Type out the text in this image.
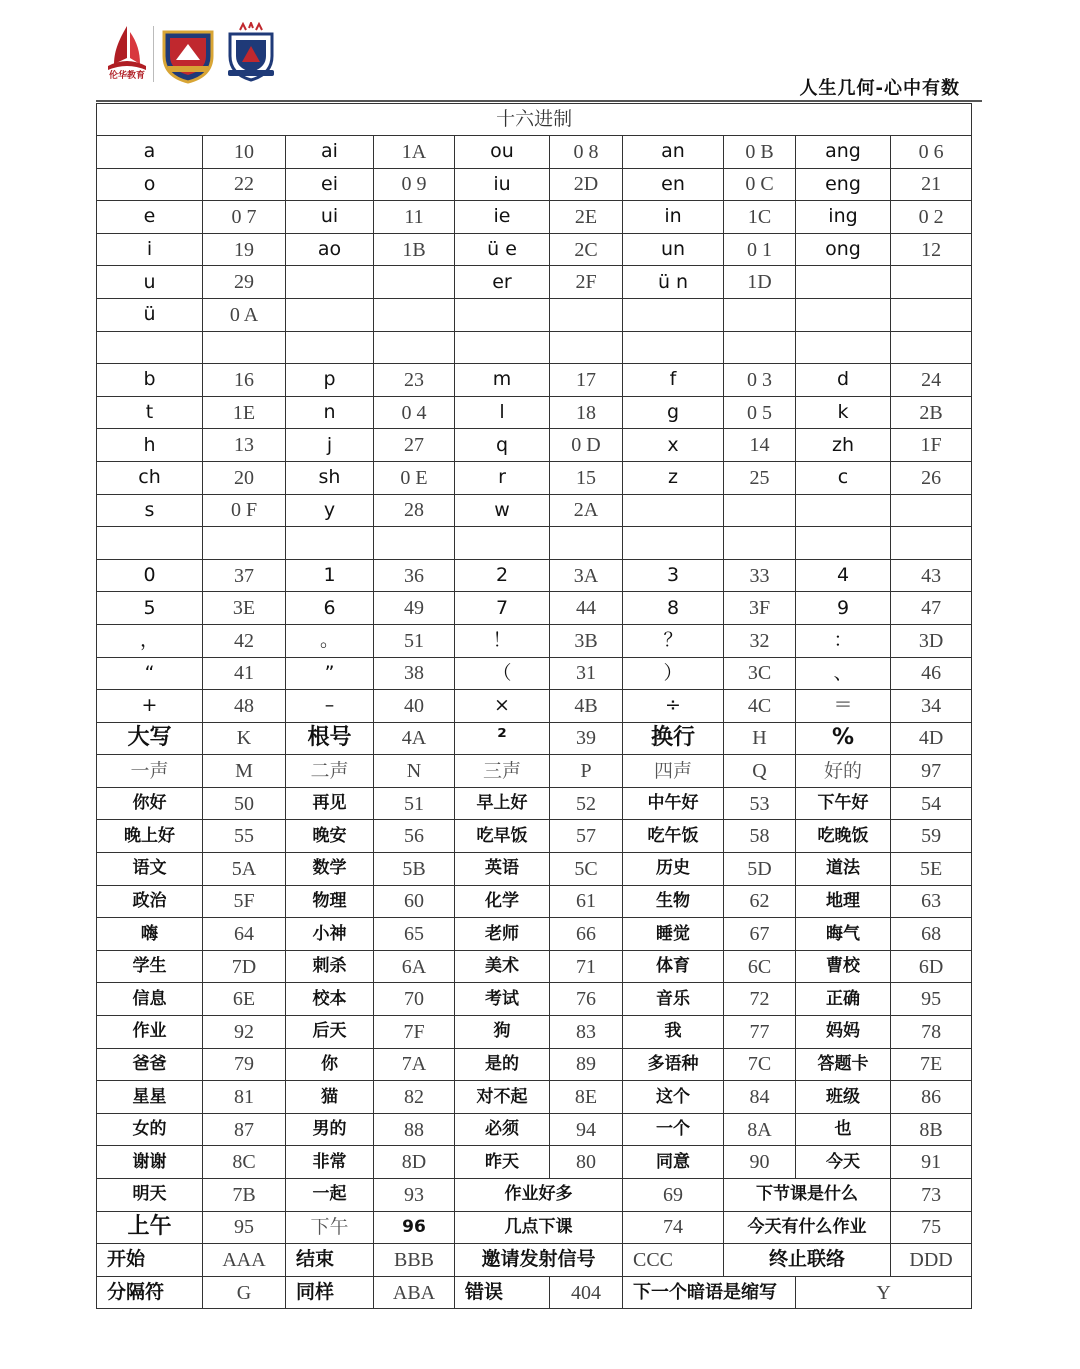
伦华教育
人生几何-心中有数
十六进制									
a	10	ai	1A	ou	0 8	an	0 B	ang	0 6
o	22	ei	0 9	iu	2D	en	0 C	eng	21
e	0 7	ui	11	ie	2E	in	1C	ing	0 2
i	19	ao	1B	ü e	2C	un	0 1	ong	12
u	29			er	2F	ü n	1D		
ü	0 A								

b	16	p	23	m	17	f	0 3	d	24
t	1E	n	0 4	l	18	g	0 5	k	2B
h	13	j	27	q	0 D	x	14	zh	1F
ch	20	sh	0 E	r	15	z	25	c	26
s	0 F	y	28	w	2A				

0	37	1	36	2	3A	3	33	4	43
5	3E	6	49	7	44	8	3F	9	47
，	42	。	51	！	3B	？	32	：	3D
“	41	”	38	（	31	）	3C	、	46
+	48	–	40	×	4B	÷	4C	＝	34
大写	K	根号	4A	²	39	换行	H	%	4D
一声	M	二声	N	三声	P	四声	Q	好的	97
你好	50	再见	51	早上好	52	中午好	53	下午好	54
晚上好	55	晚安	56	吃早饭	57	吃午饭	58	吃晚饭	59
语文	5A	数学	5B	英语	5C	历史	5D	道法	5E
政治	5F	物理	60	化学	61	生物	62	地理	63
嗨	64	小神	65	老师	66	睡觉	67	晦气	68
学生	7D	刺杀	6A	美术	71	体育	6C	曹校	6D
信息	6E	校本	70	考试	76	音乐	72	正确	95
作业	92	后天	7F	狗	83	我	77	妈妈	78
爸爸	79	你	7A	是的	89	多语种	7C	答题卡	7E
星星	81	猫	82	对不起	8E	这个	84	班级	86
女的	87	男的	88	必须	94	一个	8A	也	8B
谢谢	8C	非常	8D	昨天	80	同意	90	今天	91
明天	7B	一起	93	作业好多		69	下节课是什么		73
上午	95	下午	96	几点下课		74	今天有什么作业		75
开始	AAA	结束	BBB	邀请发射信号		CCC	终止联络		DDD
分隔符	G	同样	ABA	错误	404	下一个暗语是缩写		Y	
